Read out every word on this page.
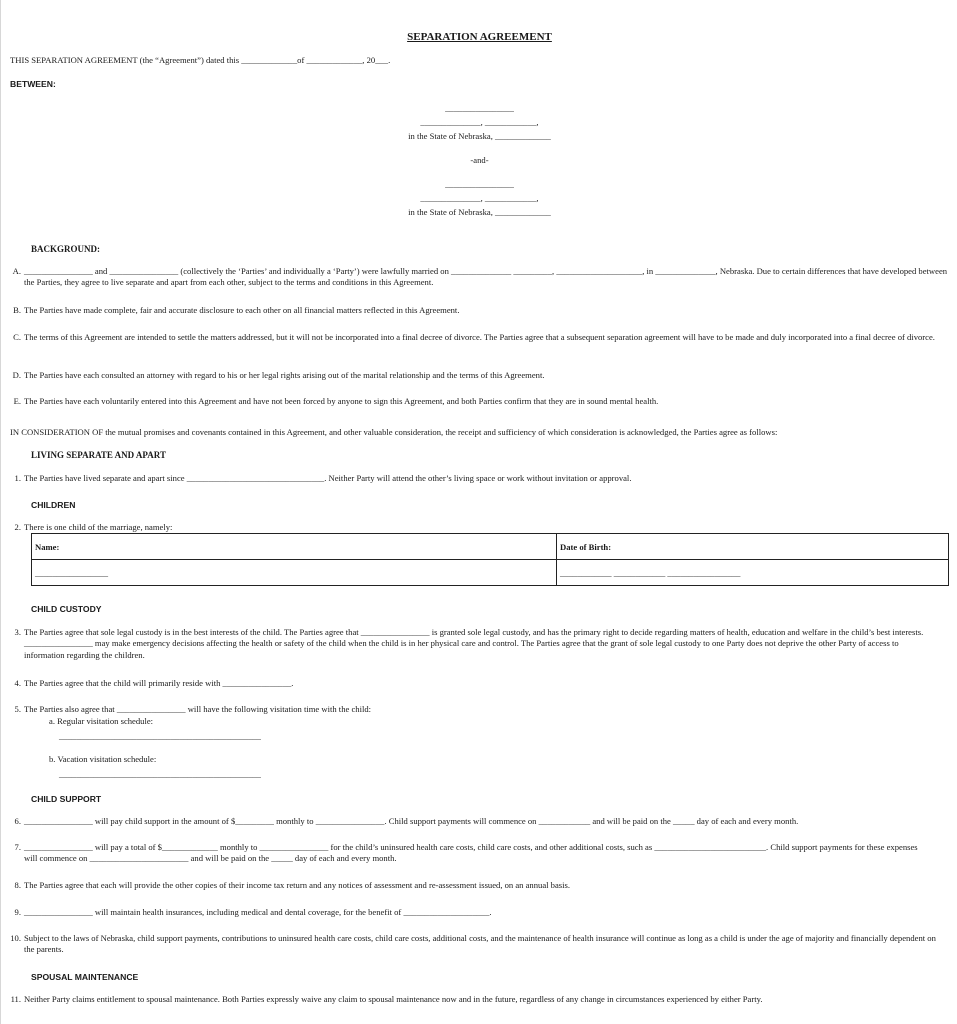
SEPARATION AGREEMENT
THIS SEPARATION AGREEMENT (the “Agreement”) dated this _____________of _____________, 20___.
BETWEEN:
________________
______________, ____________,
in the State of Nebraska, _____________
-and-
________________
______________, ____________,
in the State of Nebraska, _____________
BACKGROUND:
A. ________________ and ________________ (collectively the ‘Parties’ and individually a ‘Party’) were lawfully married on ______________ _________, ____________________, in ______________, Nebraska. Due to certain differences that have developed between the Parties, they agree to live separate and apart from each other, subject to the terms and conditions in this Agreement.
B. The Parties have made complete, fair and accurate disclosure to each other on all financial matters reflected in this Agreement.
C. The terms of this Agreement are intended to settle the matters addressed, but it will not be incorporated into a final decree of divorce. The Parties agree that a subsequent separation agreement will have to be made and duly incorporated into a final decree of divorce.
D. The Parties have each consulted an attorney with regard to his or her legal rights arising out of the marital relationship and the terms of this Agreement.
E. The Parties have each voluntarily entered into this Agreement and have not been forced by anyone to sign this Agreement, and both Parties confirm that they are in sound mental health.
IN CONSIDERATION OF the mutual promises and covenants contained in this Agreement, and other valuable consideration, the receipt and sufficiency of which consideration is acknowledged, the Parties agree as follows:
LIVING SEPARATE AND APART
1. The Parties have lived separate and apart since ________________________________. Neither Party will attend the other’s living space or work without invitation or approval.
CHILDREN
2. There is one child of the marriage, namely:
Name:	Date of Birth:
_________________	____________ ____________ _________________
CHILD CUSTODY
3. The Parties agree that sole legal custody is in the best interests of the child. The Parties agree that ________________ is granted sole legal custody, and has the primary right to decide regarding matters of health, education and welfare in the child’s best interests. ________________ may make emergency decisions affecting the health or safety of the child when the child is in her physical care and control. The Parties agree that the grant of sole legal custody to one Party does not deprive the other Party of access to information regarding the children.
4. The Parties agree that the child will primarily reside with ________________.
5. The Parties also agree that ________________ will have the following visitation time with the child:
a. Regular visitation schedule:
_______________________________________________
b. Vacation visitation schedule:
_______________________________________________
CHILD SUPPORT
6. ________________ will pay child support in the amount of $_________ monthly to ________________. Child support payments will commence on ____________ and will be paid on the _____ day of each and every month.
7. ________________ will pay a total of $_____________ monthly to ________________ for the child’s uninsured health care costs, child care costs, and other additional costs, such as __________________________. Child support payments for these expenses will commence on _______________________ and will be paid on the _____ day of each and every month.
8. The Parties agree that each will provide the other copies of their income tax return and any notices of assessment and re-assessment issued, on an annual basis.
9. ________________ will maintain health insurances, including medical and dental coverage, for the benefit of ____________________.
10. Subject to the laws of Nebraska, child support payments, contributions to uninsured health care costs, child care costs, additional costs, and the maintenance of health insurance will continue as long as a child is under the age of majority and financially dependent on the parents.
SPOUSAL MAINTENANCE
11. Neither Party claims entitlement to spousal maintenance. Both Parties expressly waive any claim to spousal maintenance now and in the future, regardless of any change in circumstances experienced by either Party.
